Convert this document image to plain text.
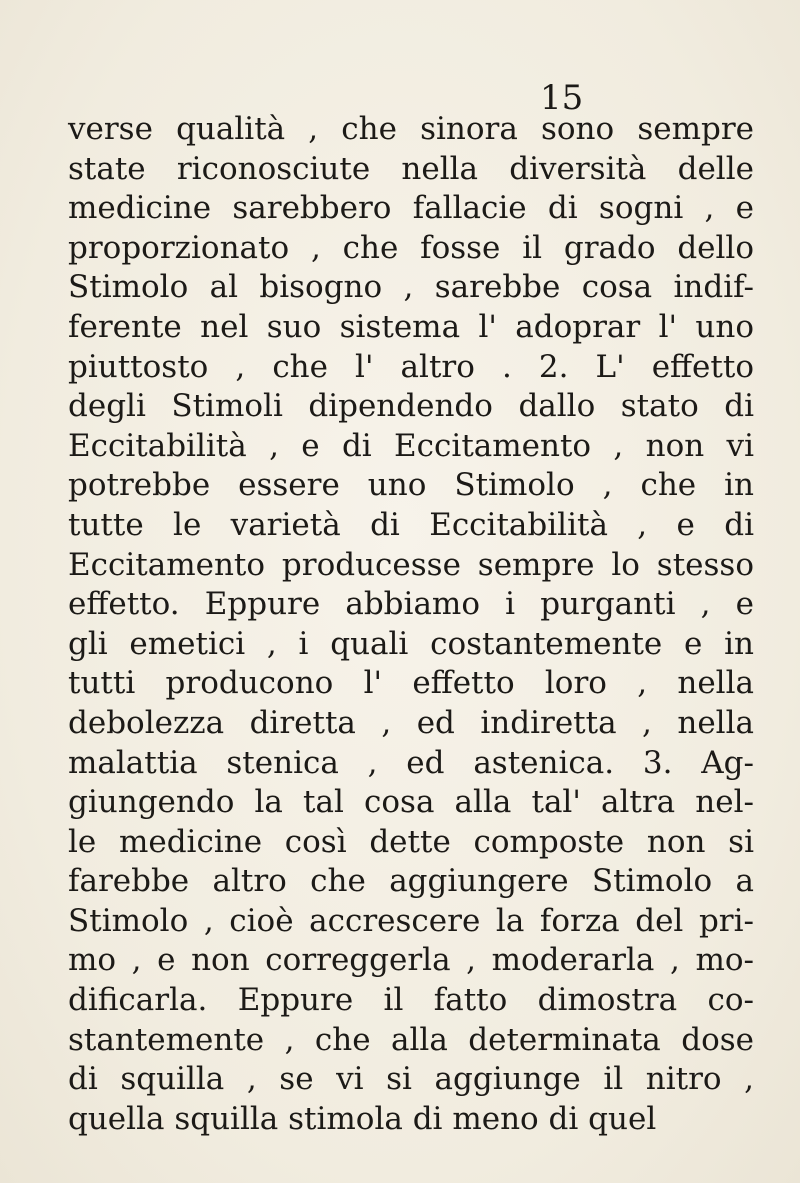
15
verse qualità , che sinora sono sempre
state riconosciute nella diversità delle
medicine sarebbero fallacie di sogni , e
proporzionato , che fosse il grado dello
Stimolo al bisogno , sarebbe cosa indif-
ferente nel suo sistema l' adoprar l' uno
piuttosto , che l' altro . 2. L' effetto
degli Stimoli dipendendo dallo stato di
Eccitabilità , e di Eccitamento , non vi
potrebbe essere uno Stimolo , che in
tutte le varietà di Eccitabilità , e di
Eccitamento producesse sempre lo stesso
effetto. Eppure abbiamo i purganti , e
gli emetici , i quali costantemente e in
tutti producono l' effetto loro , nella
debolezza diretta , ed indiretta , nella
malattia stenica , ed astenica. 3. Ag-
giungendo la tal cosa alla tal' altra nel-
le medicine così dette composte non si
farebbe altro che aggiungere Stimolo a
Stimolo , cioè accrescere la forza del pri-
mo , e non correggerla , moderarla , mo-
dificarla. Eppure il fatto dimostra co-
stantemente , che alla determinata dose
di squilla , se vi si aggiunge il nitro ,
quella squilla stimola di meno di quel
